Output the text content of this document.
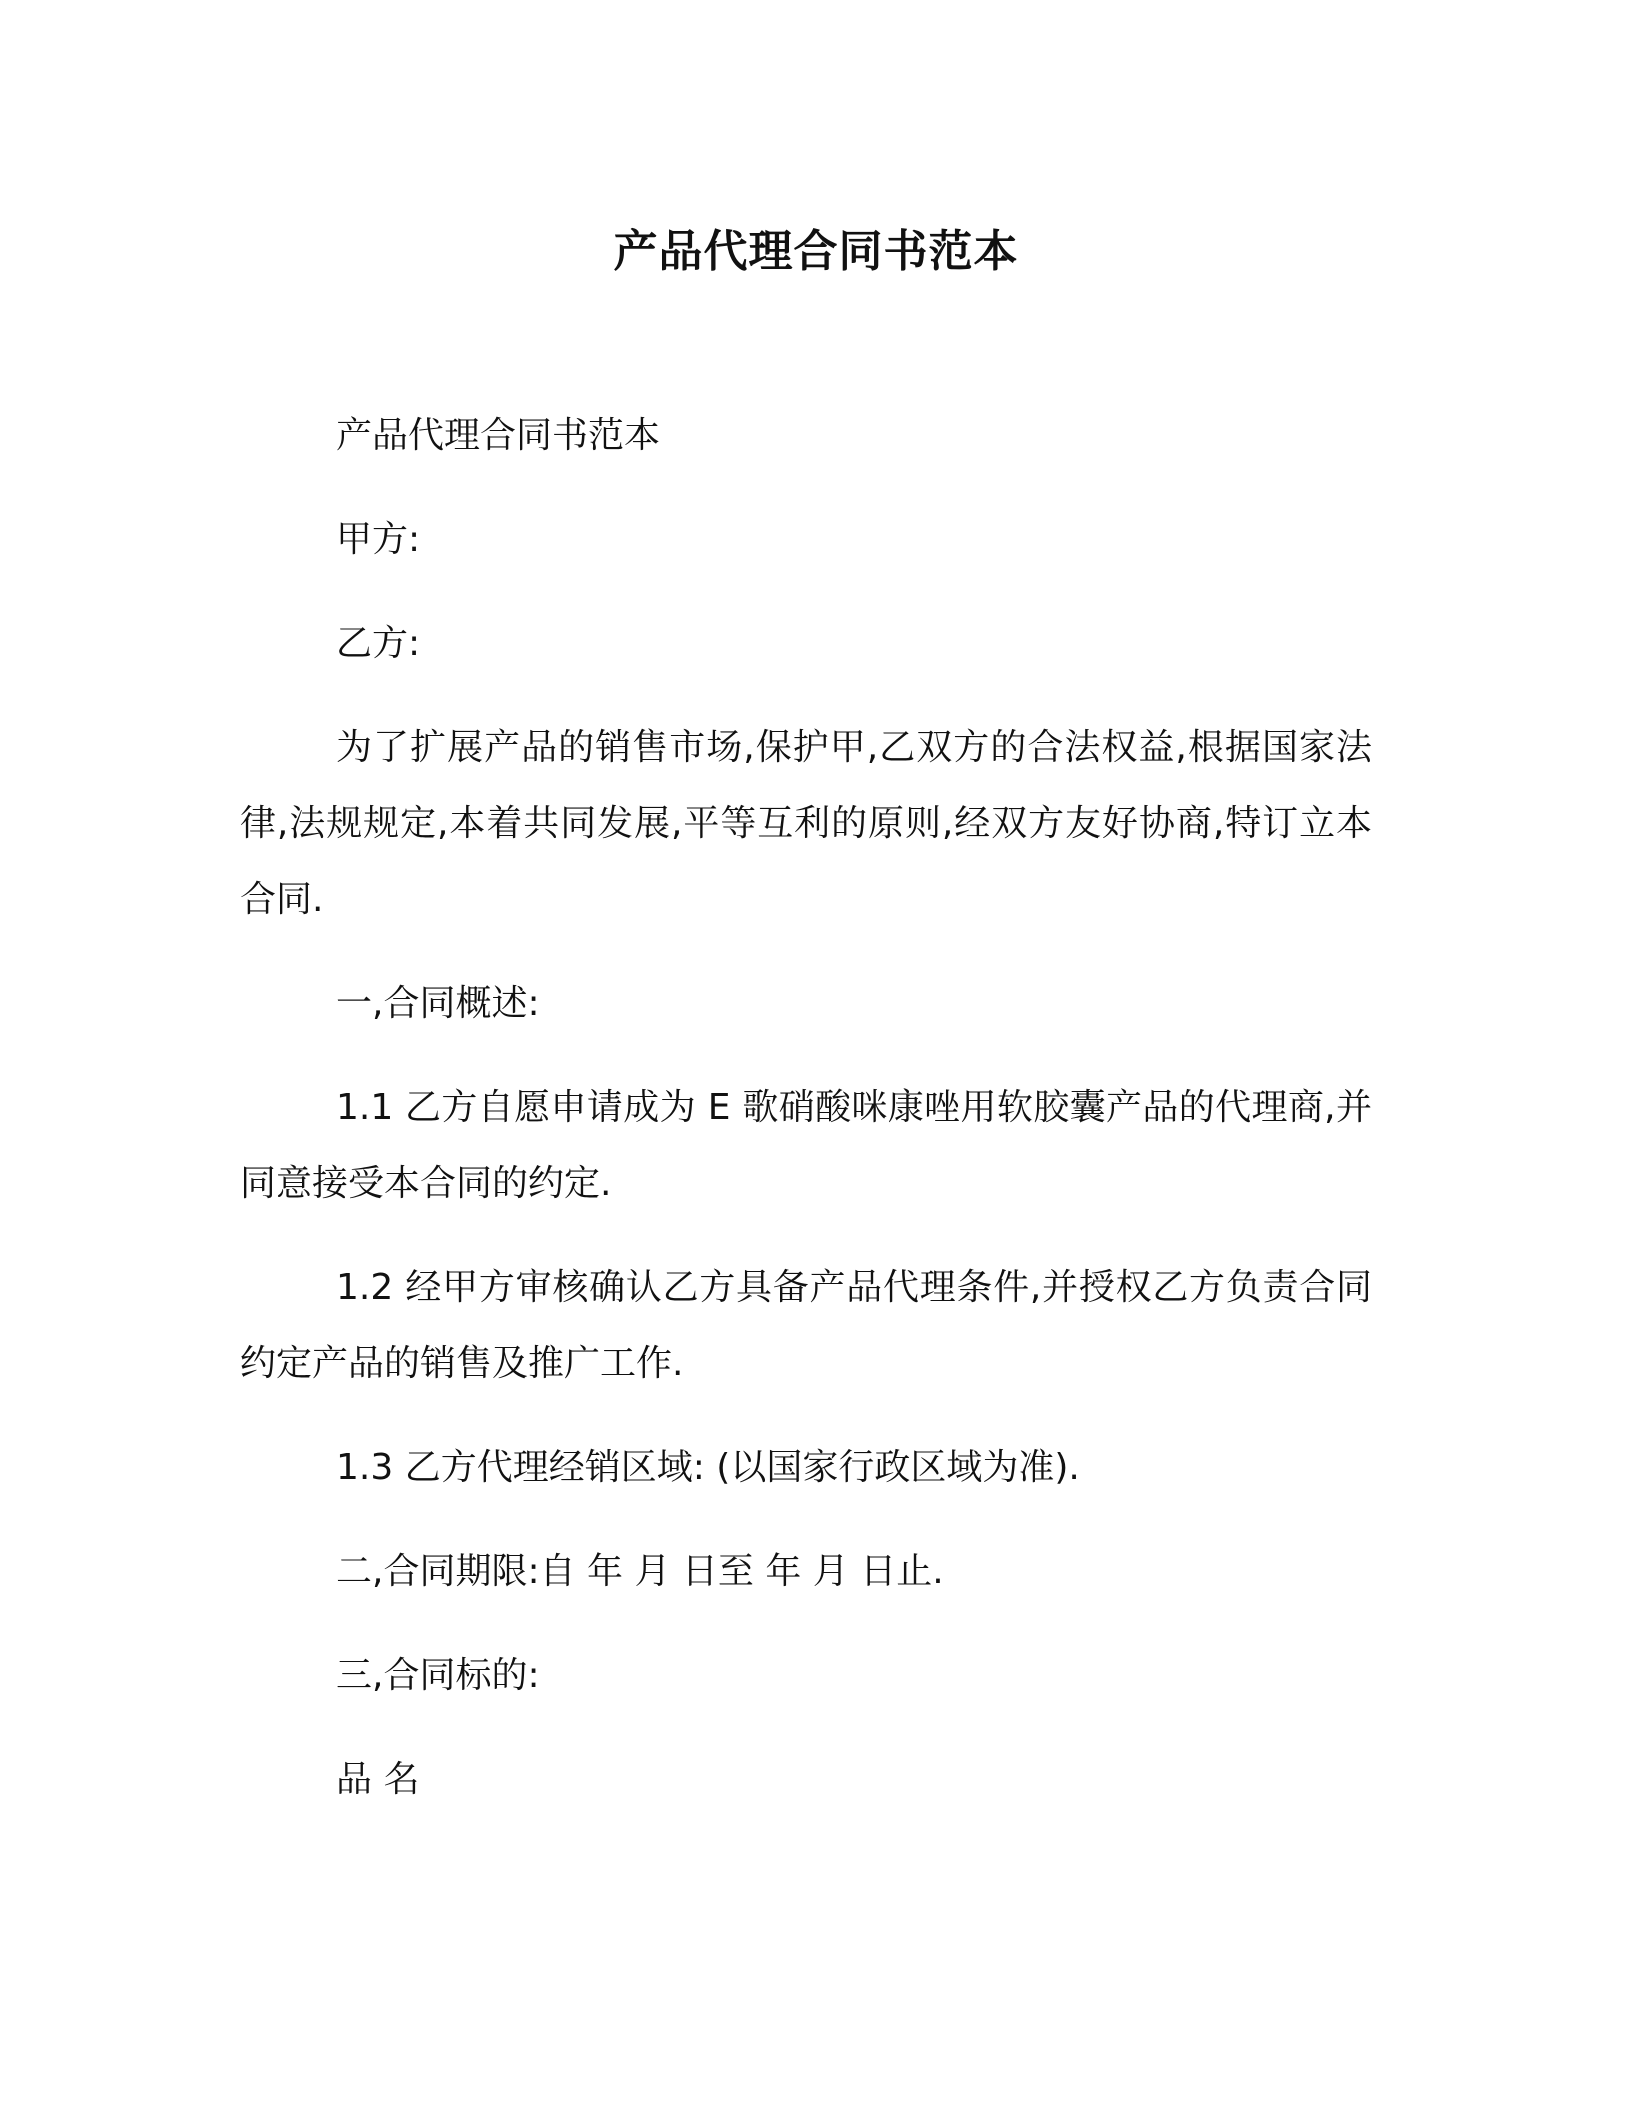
产品代理合同书范本

产品代理合同书范本

甲方:

乙方:

为了扩展产品的销售市场,保护甲,乙双方的合法权益,根据国家法律,法规规定,本着共同发展,平等互利的原则,经双方友好协商,特订立本合同.

一,合同概述:

1.1 乙方自愿申请成为 E 歌硝酸咪康唑用软胶囊产品的代理商,并同意接受本合同的约定.

1.2 经甲方审核确认乙方具备产品代理条件,并授权乙方负责合同约定产品的销售及推广工作.

1.3 乙方代理经销区域: (以国家行政区域为准).

二,合同期限:自 年 月 日至 年 月 日止.

三,合同标的:

品 名
